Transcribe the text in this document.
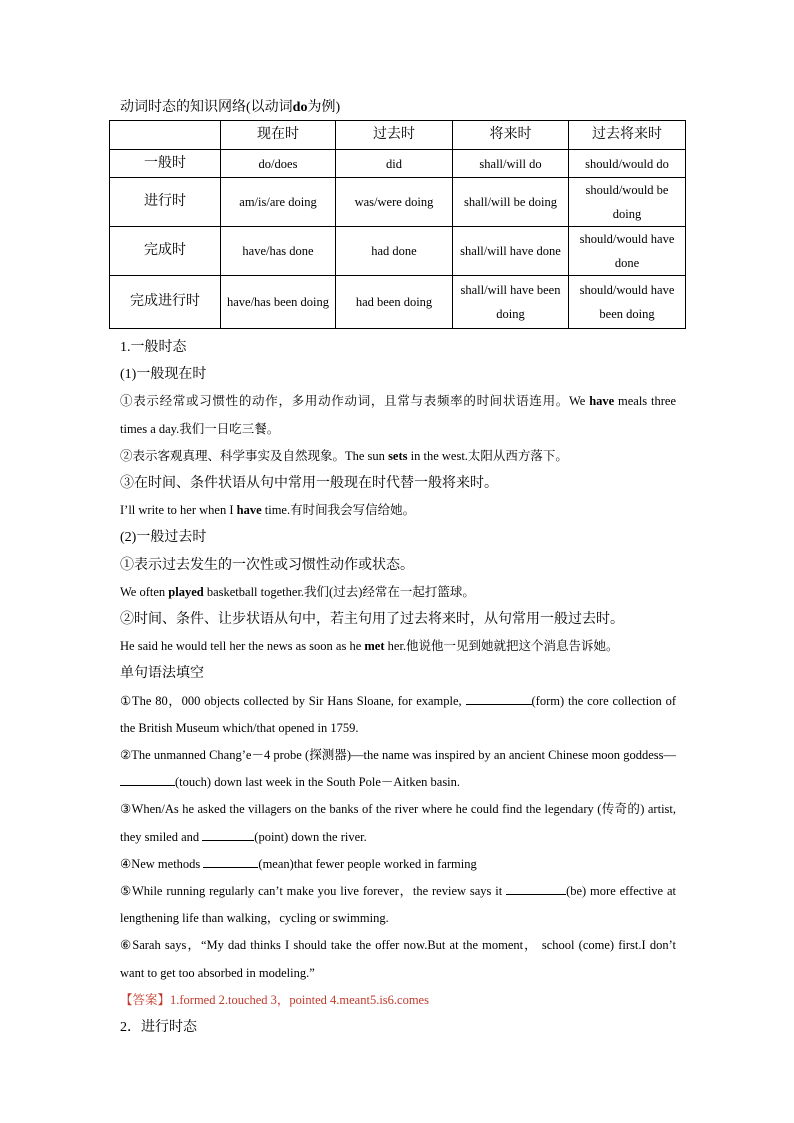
动词时态的知识网络(以动词do为例)
	现在时	过去时	将来时	过去将来时
一般时	do/does	did	shall/will do	should/would do
进行时	am/is/are doing	was/were doing	shall/will be doing	should/would be doing
完成时	have/has done	had done	shall/will have done	should/would have done
完成进行时	have/has been doing	had been doing	shall/will have been doing	should/would have been doing

1.一般时态

(1)一般现在时

①表示经常或习惯性的动作，多用动作动词，且常与表频率的时间状语连用。We have meals three times a day.我们一日吃三餐。

②表示客观真理、科学事实及自然现象。The sun sets in the west.太阳从西方落下。

③在时间、条件状语从句中常用一般现在时代替一般将来时。

I’ll write to her when I have time.有时间我会写信给她。

(2)一般过去时

①表示过去发生的一次性或习惯性动作或状态。

We often played basketball together.我们(过去)经常在一起打篮球。

②时间、条件、让步状语从句中，若主句用了过去将来时，从句常用一般过去时。

He said he would tell her the news as soon as he met her.他说他一见到她就把这个消息告诉她。

单句语法填空

①The 80，000 objects collected by Sir Hans Sloane, for example,	(form) the core collection of the British Museum which/that opened in 1759.

②The unmanned Chang’e－4 probe (探测器)—the name was inspired by an ancient Chinese moon goddess—(touch) down last week in the South Pole－Aitken basin.

③When/As he asked the villagers on the banks of the river where he could find the legendary (传奇的) artist, they smiled and	(point) down the river.

④New methods	(mean)that fewer people worked in farming

⑤While running regularly can’t make you live forever，the review says it	(be) more effective at lengthening life than walking，cycling or swimming.

⑥Sarah says，“My dad thinks I should take the offer now.But at the moment， school (come) first.I don’t want to get too absorbed in modeling.”

【答案】1.formed 2.touched 3，pointed 4.meant5.is6.comes

2．进行时态
